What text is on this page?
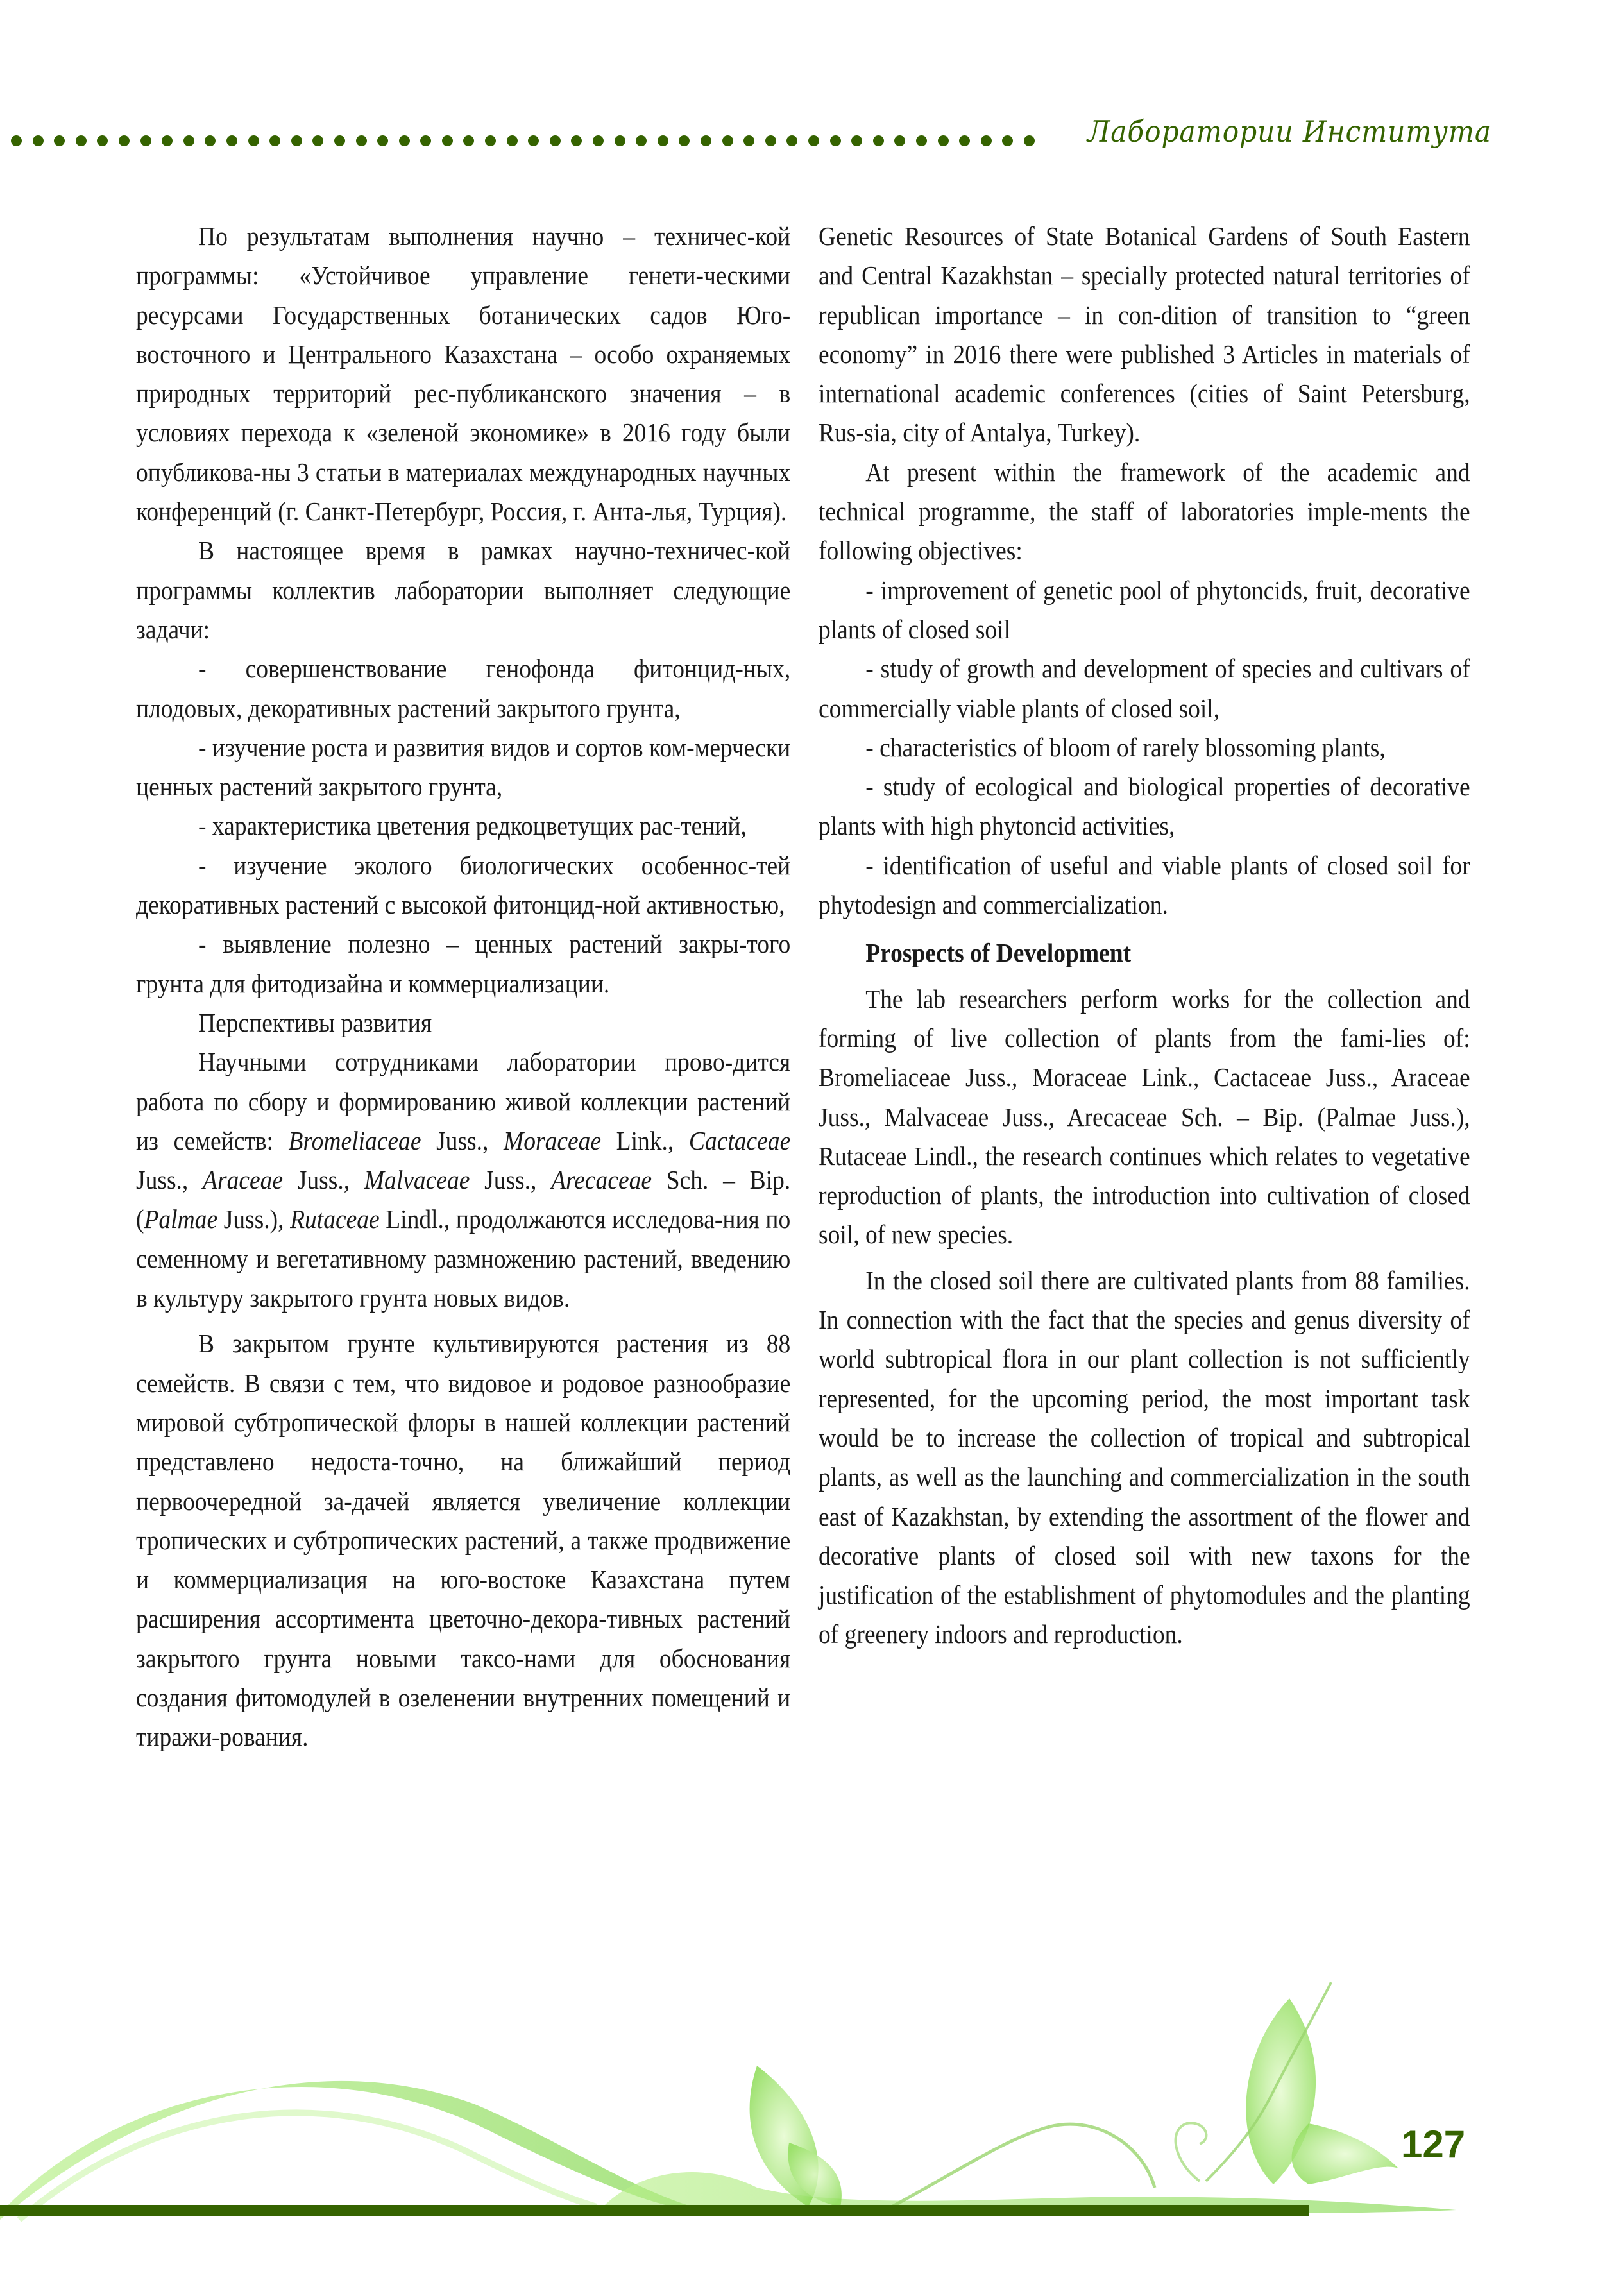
Лаборатории Института

По результатам выполнения научно – техничес-кой программы: «Устойчивое управление генети-ческими ресурсами Государственных ботанических садов Юго-восточного и Центрального Казахстана – особо охраняемых природных территорий рес-публиканского значения – в условиях перехода к «зеленой экономике» в 2016 году были опубликова-ны 3 статьи в материалах международных научных конференций (г. Санкт-Петербург, Россия, г. Анта-лья, Турция).

В настоящее время в рамках научно-техничес-кой программы коллектив лаборатории выполняет следующие задачи:

- совершенствование генофонда фитонцид-ных, плодовых, декоративных растений закрытого грунта,

- изучение роста и развития видов и сортов ком-мерчески ценных растений закрытого грунта,

- характеристика цветения редкоцветущих рас-тений,

- изучение эколого биологических особеннос-тей декоративных растений с высокой фитонцид-ной активностью,

- выявление полезно – ценных растений закры-того грунта для фитодизайна и коммерциализации.

Перспективы развития

Научными сотрудниками лаборатории прово-дится работа по сбору и формированию живой коллекции растений из семейств: Bromeliaceae Juss., Moraceae Link., Cactaceae Juss., Araceae Juss., Malvaceae Juss., Arecaceae Sch. – Bip. (Palmae Juss.), Rutaceae Lindl., продолжаются исследова-ния по семенному и вегетативному размножению растений, введению в культуру закрытого грунта новых видов.

В закрытом грунте культивируются растения из 88 семейств. В связи с тем, что видовое и родовое разнообразие мировой субтропической флоры в нашей коллекции растений представлено недоста-точно, на ближайший период первоочередной за-дачей является увеличение коллекции тропических и субтропических растений, а также продвижение и коммерциализация на юго-востоке Казахстана путем расширения ассортимента цветочно-декора-тивных растений закрытого грунта новыми таксо-нами для обоснования создания фитомодулей в озеленении внутренних помещений и тиражи-рования.

Genetic Resources of State Botanical Gardens of South Eastern and Central Kazakhstan – specially protected natural territories of republican importance – in con-dition of transition to “green economy” in 2016 there were published 3 Articles in materials of international academic conferences (cities of Saint Petersburg, Rus-sia, city of Antalya, Turkey).

At present within the framework of the academic and technical programme, the staff of laboratories imple-ments the following objectives:

- improvement of genetic pool of phytoncids, fruit, decorative plants of closed soil

- study of growth and development of species and cultivars of commercially viable plants of closed soil,

- characteristics of bloom of rarely blossoming plants,

- study of ecological and biological properties of decorative plants with high phytoncid activities,

- identification of useful and viable plants of closed soil for phytodesign and commercialization.

Prospects of Development

The lab researchers perform works for the collection and forming of live collection of plants from the fami-lies of: Bromeliaceae Juss., Moraceae Link., Cactaceae Juss., Araceae Juss., Malvaceae Juss., Arecaceae Sch. – Bip. (Palmae Juss.), Rutaceae Lindl., the research continues which relates to vegetative reproduction of plants, the introduction into cultivation of closed soil, of new species.

In the closed soil there are cultivated plants from 88 families. In connection with the fact that the species and genus diversity of world subtropical flora in our plant collection is not sufficiently represented, for the upcoming period, the most important task would be to increase the collection of tropical and subtropical plants, as well as the launching and commercialization in the south east of Kazakhstan, by extending the assortment of the flower and decorative plants of closed soil with new taxons for the justification of the establishment of phytomodules and the planting of greenery indoors and reproduction.

127
